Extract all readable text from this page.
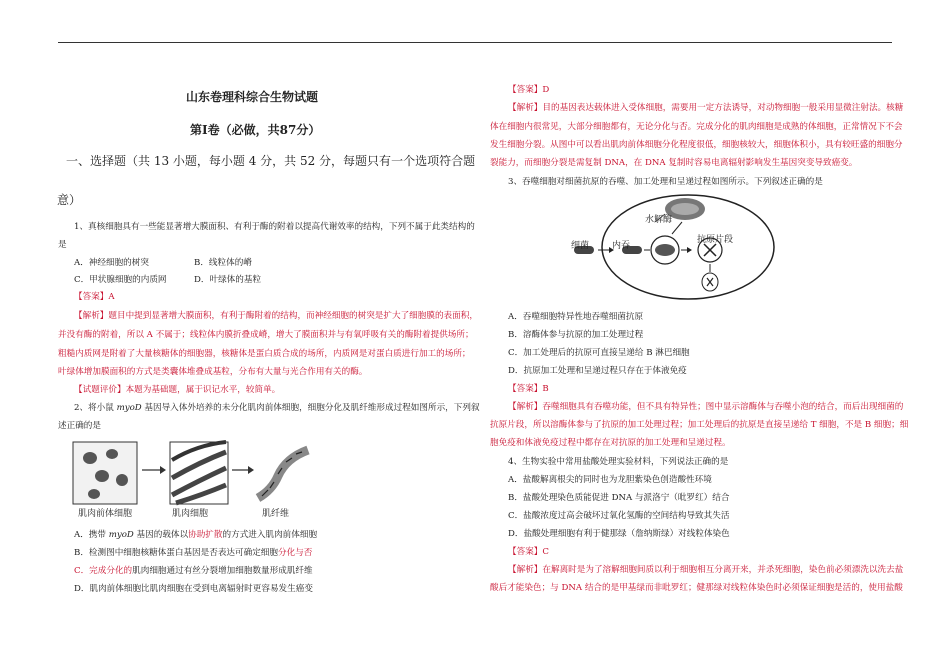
山东卷理科综合生物试题
第Ⅰ卷（必做，共87分）
一、选择题（共 13 小题，每小题 4 分，共 52 分，每题只有一个选项符合题
意）
1、真核细胞具有一些能显著增大膜面积、有利于酶的附着以提高代谢效率的结构，下列不属于此类结构的
是
A．神经细胞的树突	B．线粒体的嵴
C．甲状腺细胞的内质网	D．叶绿体的基粒
【答案】A
【解析】题目中提到显著增大膜面积，有利于酶附着的结构，而神经细胞的树突是扩大了细胞膜的表面积，
并没有酶的附着，所以 A 不属于；线粒体内膜折叠成嵴，增大了膜面积并与有氧呼吸有关的酶附着提供场所；
粗糙内质网是附着了大量核糖体的细胞器，核糖体是蛋白质合成的场所，内质网是对蛋白质进行加工的场所；
叶绿体增加膜面积的方式是类囊体堆叠成基粒，分布有大量与光合作用有关的酶。
【试题评价】本题为基础题，属于识记水平，较简单。
2、将小鼠 myoD 基因导入体外培养的未分化肌肉前体细胞，细胞分化及肌纤维形成过程如图所示，下列叙
述正确的是
肌肉前体细胞	肌肉细胞	肌纤维
A．携带 myoD 基因的载体以协助扩散的方式进入肌肉前体细胞
B．检测图中细胞核糖体蛋白基因是否表达可确定细胞分化与否
C．完成分化的肌肉细胞通过有丝分裂增加细胞数量形成肌纤维
D．肌肉前体细胞比肌肉细胞在受到电离辐射时更容易发生癌变
【答案】D
【解析】目的基因表达载体进入受体细胞，需要用一定方法诱导，对动物细胞一般采用显微注射法。核糖
体在细胞内很常见，大部分细胞都有，无论分化与否。完成分化的肌肉细胞是成熟的体细胞，正常情况下不会
发生细胞分裂。从图中可以看出肌肉前体细胞分化程度很低，细胞核较大，细胞体积小，具有较旺盛的细胞分
裂能力，而细胞分裂是需复制 DNA，在 DNA 复制时容易电离辐射影响发生基因突变导致癌变。
3、吞噬细胞对细菌抗原的吞噬、加工处理和呈递过程如图所示。下列叙述正确的是
水解酶
细菌	内吞
抗原片段
A．吞噬细胞特异性地吞噬细菌抗原
B．溶酶体参与抗原的加工处理过程
C．加工处理后的抗原可直接呈递给 B 淋巴细胞
D．抗原加工处理和呈递过程只存在于体液免疫
【答案】B
【解析】吞噬细胞具有吞噬功能，但不具有特异性；图中显示溶酶体与吞噬小泡的结合，而后出现细菌的
抗原片段，所以溶酶体参与了抗原的加工处理过程；加工处理后的抗原是直接呈递给 T 细胞，不是 B 细胞；细
胞免疫和体液免疫过程中都存在对抗原的加工处理和呈递过程。
4、生物实验中常用盐酸处理实验材料，下列说法正确的是
A．盐酸解离根尖的同时也为龙胆紫染色创造酸性环境
B．盐酸处理染色质能促进 DNA 与派洛宁（吡罗红）结合
C．盐酸浓度过高会破坏过氧化氢酶的空间结构导致其失活
D．盐酸处理细胞有利于健那绿（詹纳斯绿）对线粒体染色
【答案】C
【解析】在解离时是为了溶解细胞间质以利于细胞相互分离开来，并杀死细胞，染色前必须漂洗以洗去盐
酸后才能染色；与 DNA 结合的是甲基绿而非吡罗红；健那绿对线粒体染色时必须保证细胞是活的，使用盐酸
